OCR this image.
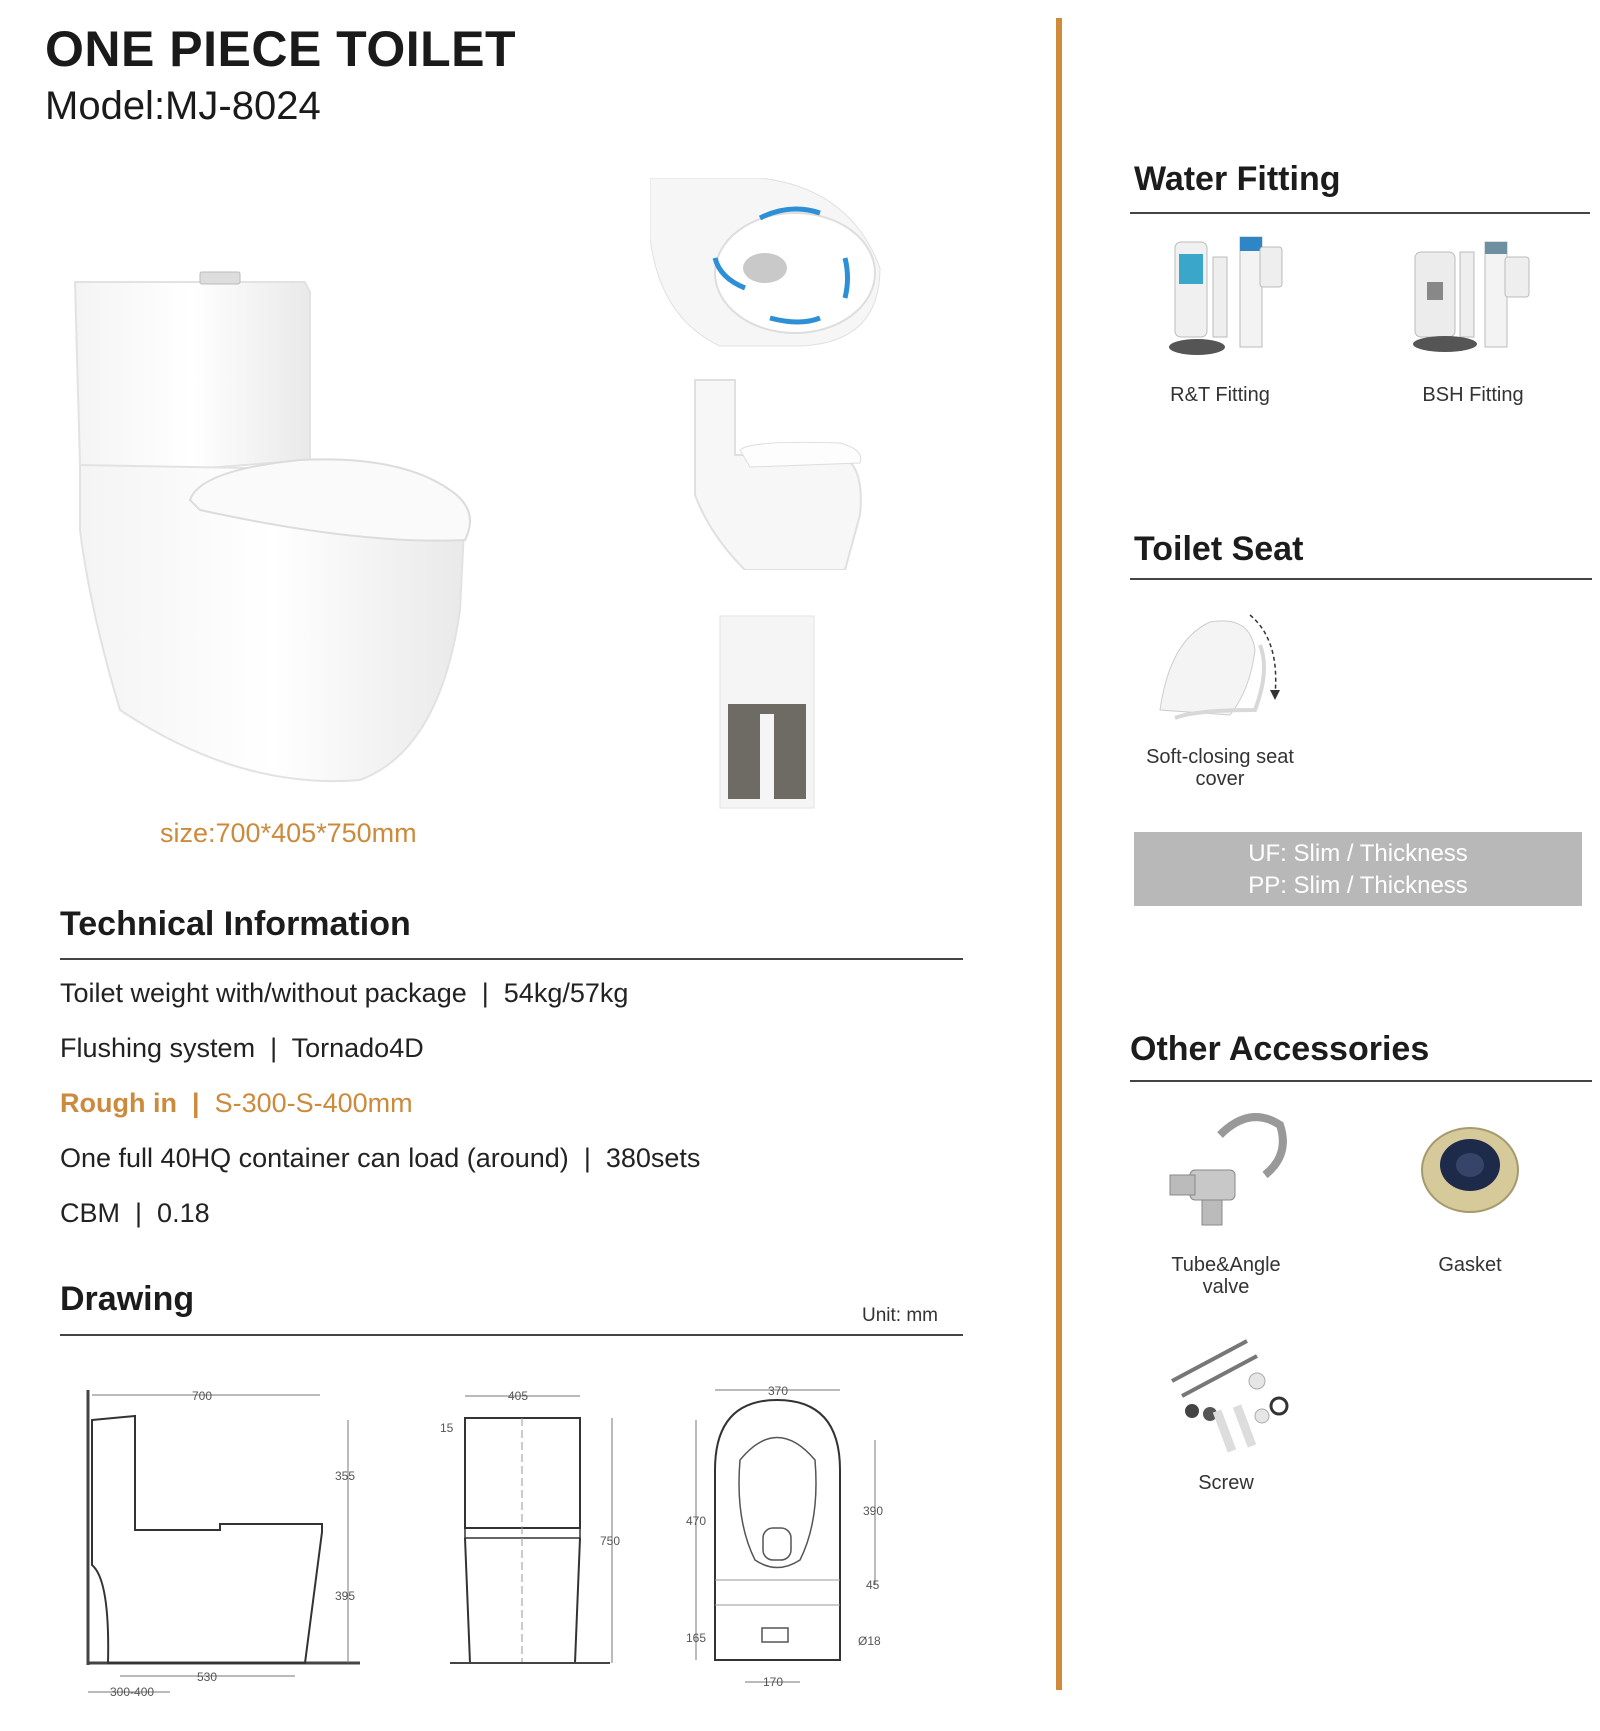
ONE PIECE TOILET
Model:MJ-8024
size:700*405*750mm
Technical Information
Toilet weight with/without package | 54kg/57kg
Flushing system | Tornado4D
Rough in | S-300-S-400mm
One full 40HQ container can load (around) | 380sets
CBM | 0.18
Drawing	Unit: mm
700
355
395
530
300-400
405
15
750
370
470
165
390
45
Ø18
170
Water Fitting
R&T Fitting	BSH Fitting
Toilet Seat
Soft-closing seat
cover
UF: Slim / Thickness
PP: Slim / Thickness
Other Accessories
Tube&Angle
valve
Gasket
Screw
